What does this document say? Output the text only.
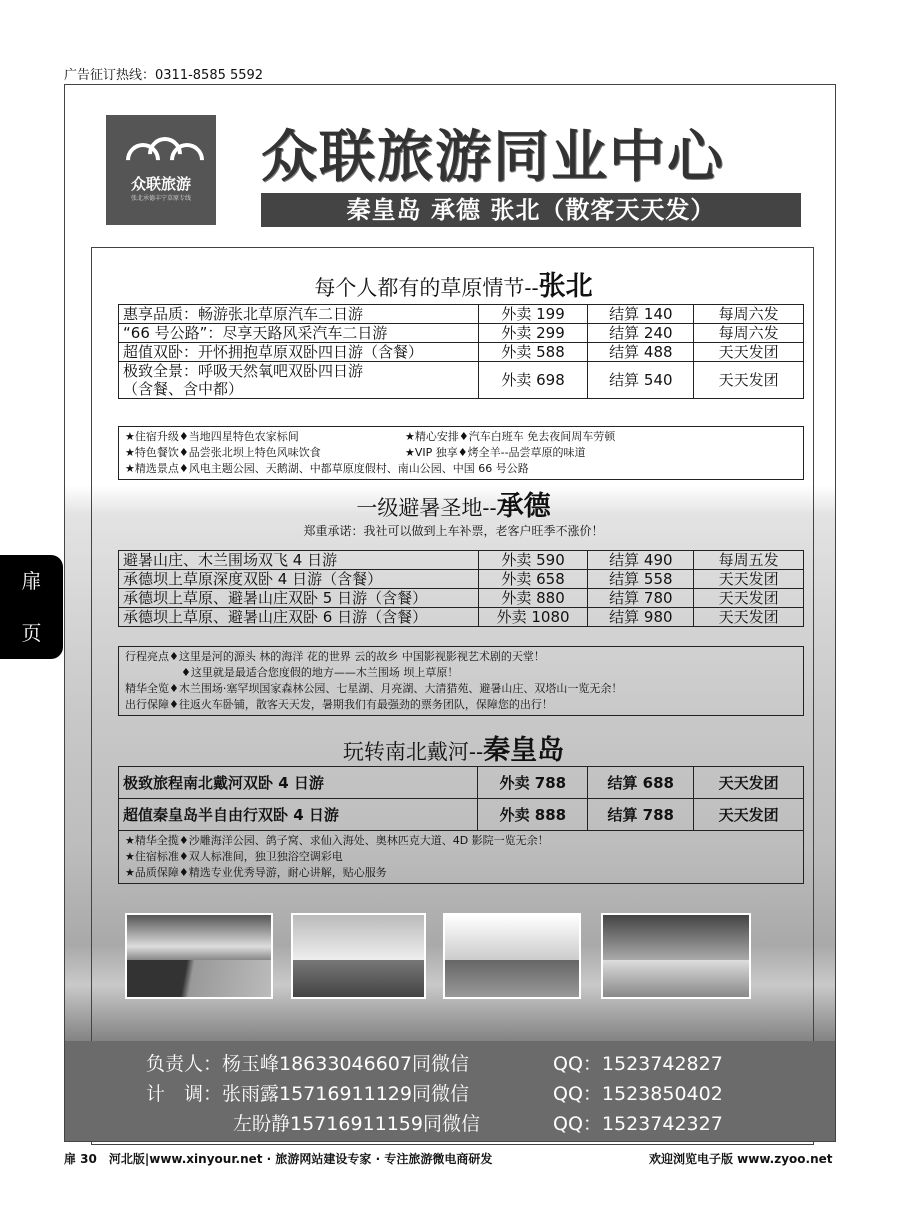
广告征订热线：0311-8585 5592
扉
页
众联旅游
张北承德丰宁草原专线
众联旅游同业中心
秦皇岛 承德 张北（散客天天发）
每个人都有的草原情节--张北
惠享品质：畅游张北草原汽车二日游	外卖 199	结算 140	每周六发
“66 号公路”：尽享天路风采汽车二日游	外卖 299	结算 240	每周六发
超值双卧：开怀拥抱草原双卧四日游（含餐）	外卖 588	结算 488	天天发团

极致全景：呼吸天然氧吧双卧四日游
（含餐、含中都）	外卖 698	结算 540	天天发团
★住宿升级♦当地四星特色农家标间	★精心安排♦汽车白班车 免去夜间周车劳顿
★特色餐饮♦品尝张北坝上特色风味饮食	★VIP 独享♦烤全羊--品尝草原的味道
★精选景点♦风电主题公园、天鹅湖、中都草原度假村、南山公园、中国 66 号公路
一级避暑圣地--承德
郑重承诺：我社可以做到上车补票，老客户旺季不涨价！
避暑山庄、木兰围场双飞 4 日游	外卖 590	结算 490	每周五发
承德坝上草原深度双卧 4 日游（含餐）	外卖 658	结算 558	天天发团
承德坝上草原、避暑山庄双卧 5 日游（含餐）	外卖 880	结算 780	天天发团
承德坝上草原、避暑山庄双卧 6 日游（含餐）	外卖 1080	结算 980	天天发团
行程亮点♦这里是河的源头 林的海洋 花的世界 云的故乡 中国影视影视艺术剧的天堂！
♦这里就是最适合您度假的地方——木兰围场 坝上草原！
精华全览♦木兰围场·塞罕坝国家森林公园、七星湖、月亮湖、大清猎苑、避暑山庄、双塔山一览无余！
出行保障♦往返火车卧铺，散客天天发，暑期我们有最强劲的票务团队，保障您的出行！
玩转南北戴河--秦皇岛
极致旅程南北戴河双卧 4 日游	外卖 788	结算 688	天天发团
超值秦皇岛半自由行双卧 4 日游	外卖 888	结算 788	天天发团
★精华全揽♦沙雕海洋公园、鸽子窝、求仙入海处、奥林匹克大道、4D 影院一览无余！
★住宿标准♦双人标准间，独卫独浴空调彩电
★品质保障♦精选专业优秀导游，耐心讲解，贴心服务
负责人：杨玉峰18633046607同微信	QQ：1523742827
计　调：张雨露15716911129同微信	QQ：1523850402
左盼静15716911159同微信	QQ：1523742327
扉 30　河北版|www.xinyour.net · 旅游网站建设专家 · 专注旅游微电商研发	欢迎浏览电子版 www.zyoo.net
